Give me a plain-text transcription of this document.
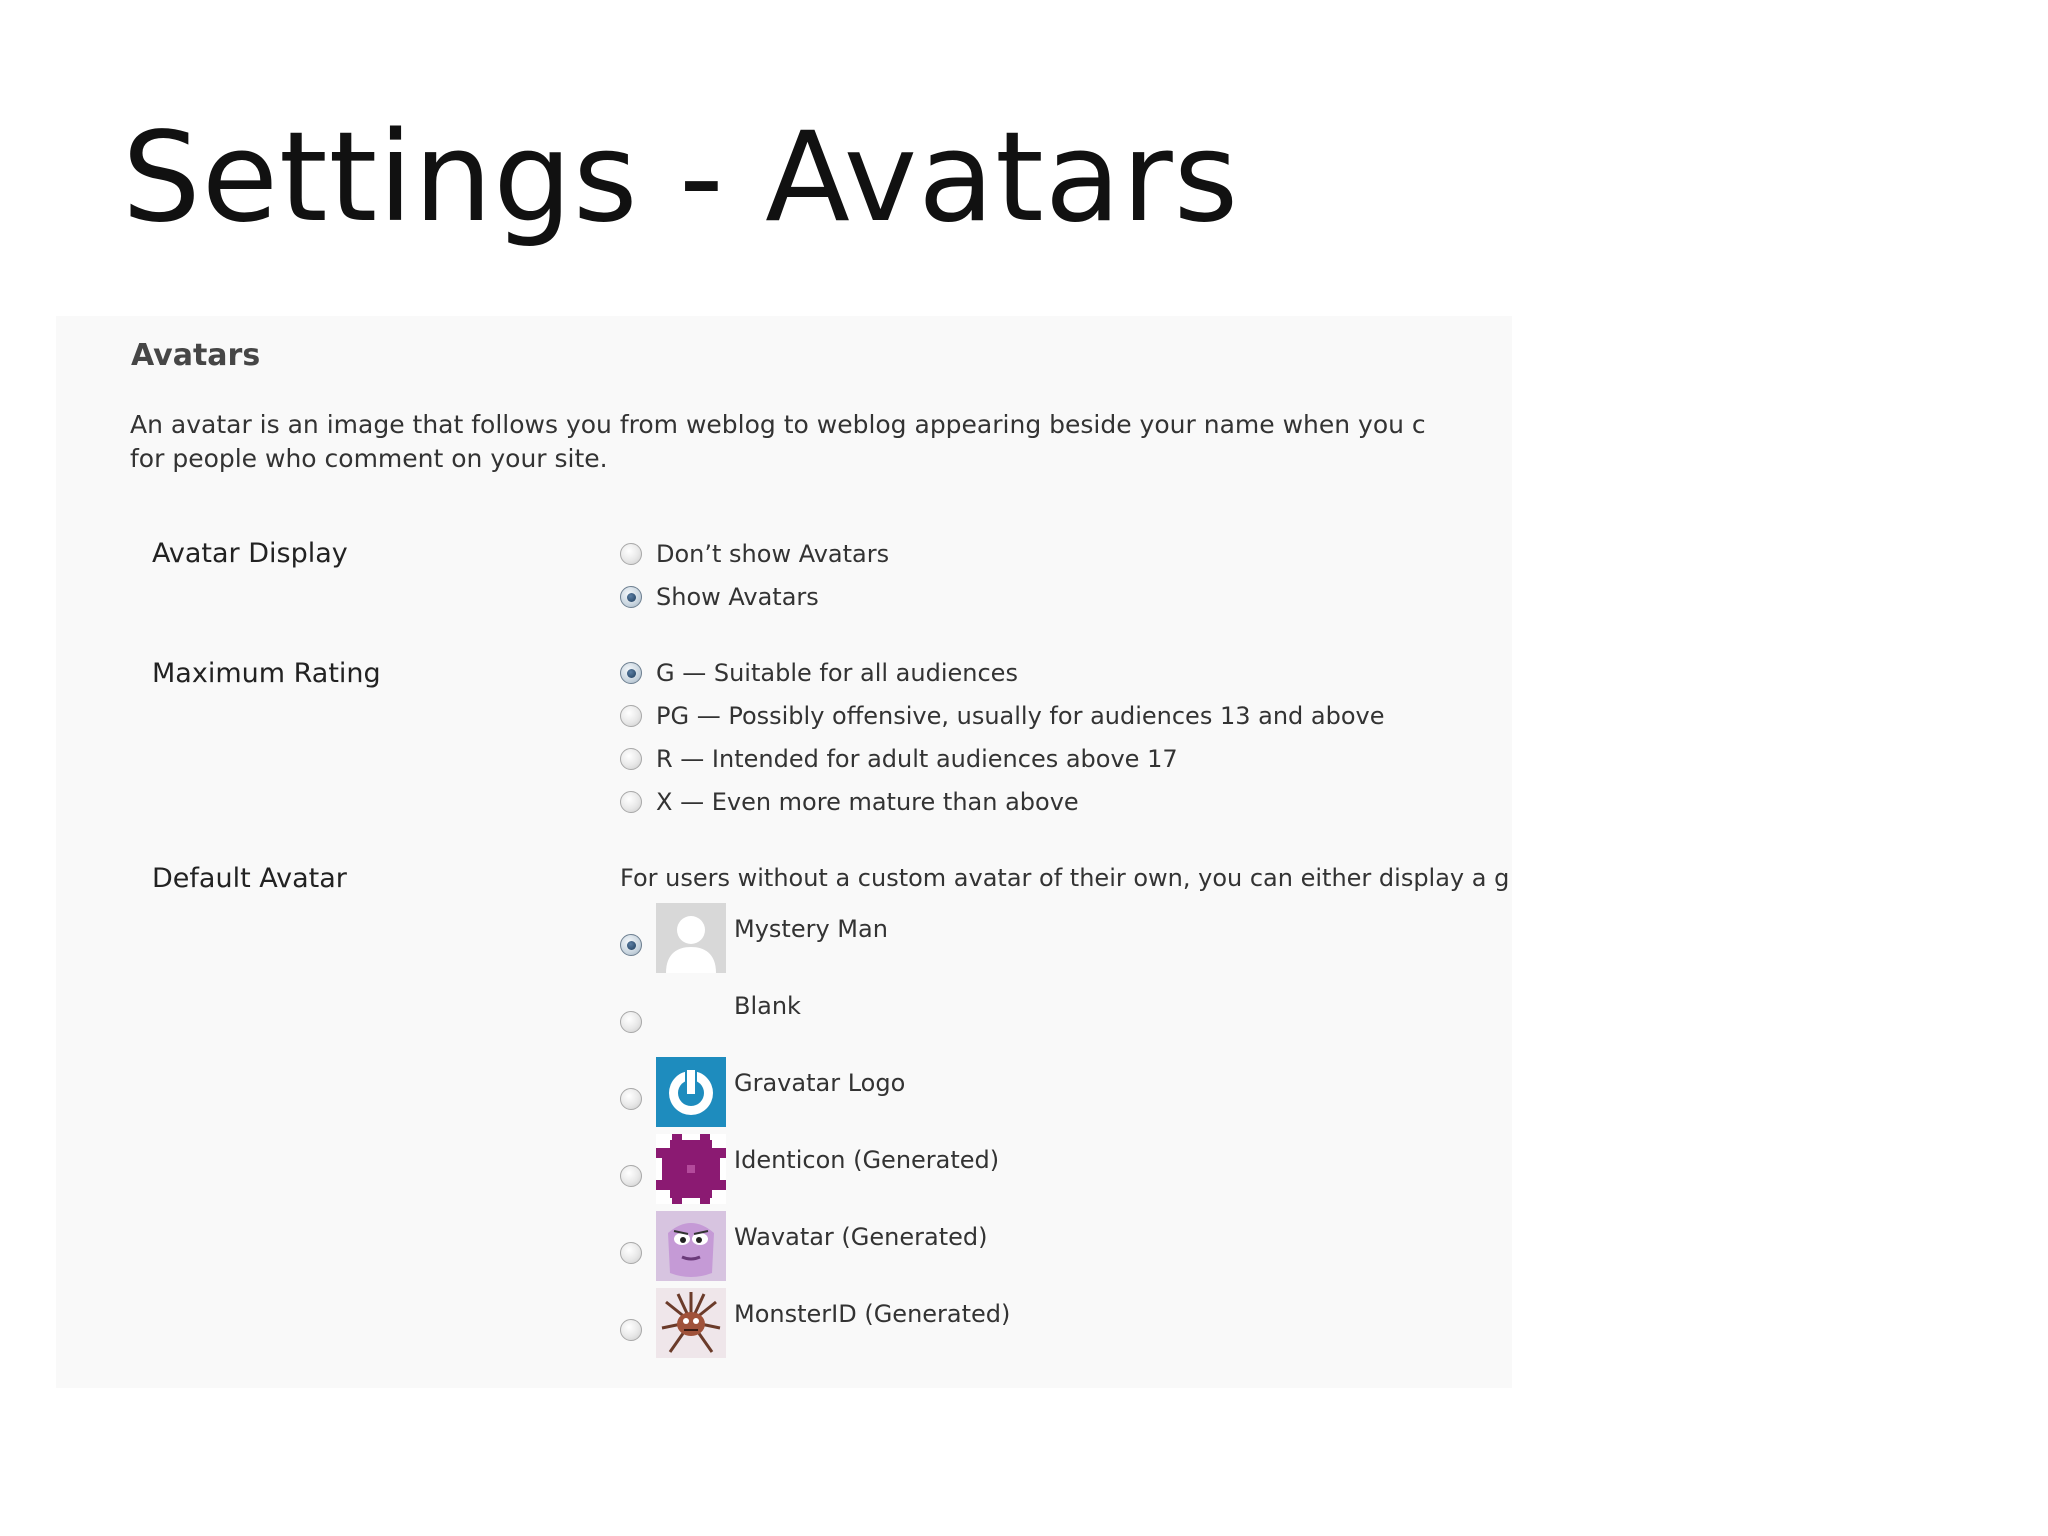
Settings - Avatars
Avatars
An avatar is an image that follows you from weblog to weblog appearing beside your name when you c
for people who comment on your site.
Avatar Display	Don’t show Avatars
Show Avatars
Maximum Rating	G — Suitable for all audiences
PG — Possibly offensive, usually for audiences 13 and above
R — Intended for adult audiences above 17
X — Even more mature than above
Default Avatar	For users without a custom avatar of their own, you can either display a g
Mystery Man
Blank
Gravatar Logo
Identicon (Generated)
Wavatar (Generated)
MonsterID (Generated)
